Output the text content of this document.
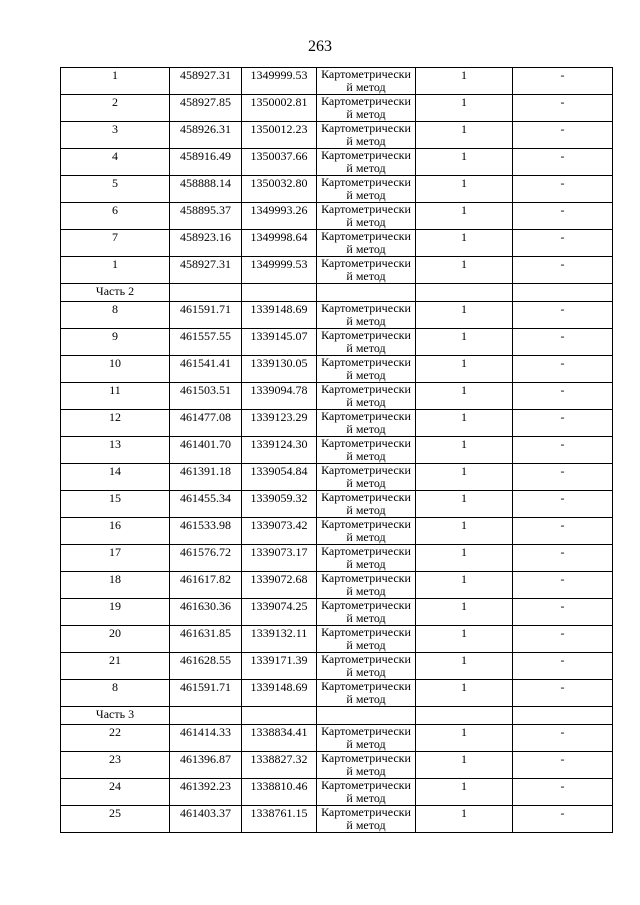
263
1	458927.31	1349999.53	Картометрически й метод	1	-
2	458927.85	1350002.81	Картометрически й метод	1	-
3	458926.31	1350012.23	Картометрически й метод	1	-
4	458916.49	1350037.66	Картометрически й метод	1	-
5	458888.14	1350032.80	Картометрически й метод	1	-
6	458895.37	1349993.26	Картометрически й метод	1	-
7	458923.16	1349998.64	Картометрически й метод	1	-
1	458927.31	1349999.53	Картометрически й метод	1	-
Часть 2					
8	461591.71	1339148.69	Картометрически й метод	1	-
9	461557.55	1339145.07	Картометрически й метод	1	-
10	461541.41	1339130.05	Картометрически й метод	1	-
11	461503.51	1339094.78	Картометрически й метод	1	-
12	461477.08	1339123.29	Картометрически й метод	1	-
13	461401.70	1339124.30	Картометрически й метод	1	-
14	461391.18	1339054.84	Картометрически й метод	1	-
15	461455.34	1339059.32	Картометрически й метод	1	-
16	461533.98	1339073.42	Картометрически й метод	1	-
17	461576.72	1339073.17	Картометрически й метод	1	-
18	461617.82	1339072.68	Картометрически й метод	1	-
19	461630.36	1339074.25	Картометрически й метод	1	-
20	461631.85	1339132.11	Картометрически й метод	1	-
21	461628.55	1339171.39	Картометрически й метод	1	-
8	461591.71	1339148.69	Картометрически й метод	1	-
Часть 3					
22	461414.33	1338834.41	Картометрически й метод	1	-
23	461396.87	1338827.32	Картометрически й метод	1	-
24	461392.23	1338810.46	Картометрически й метод	1	-
25	461403.37	1338761.15	Картометрически й метод	1	-
